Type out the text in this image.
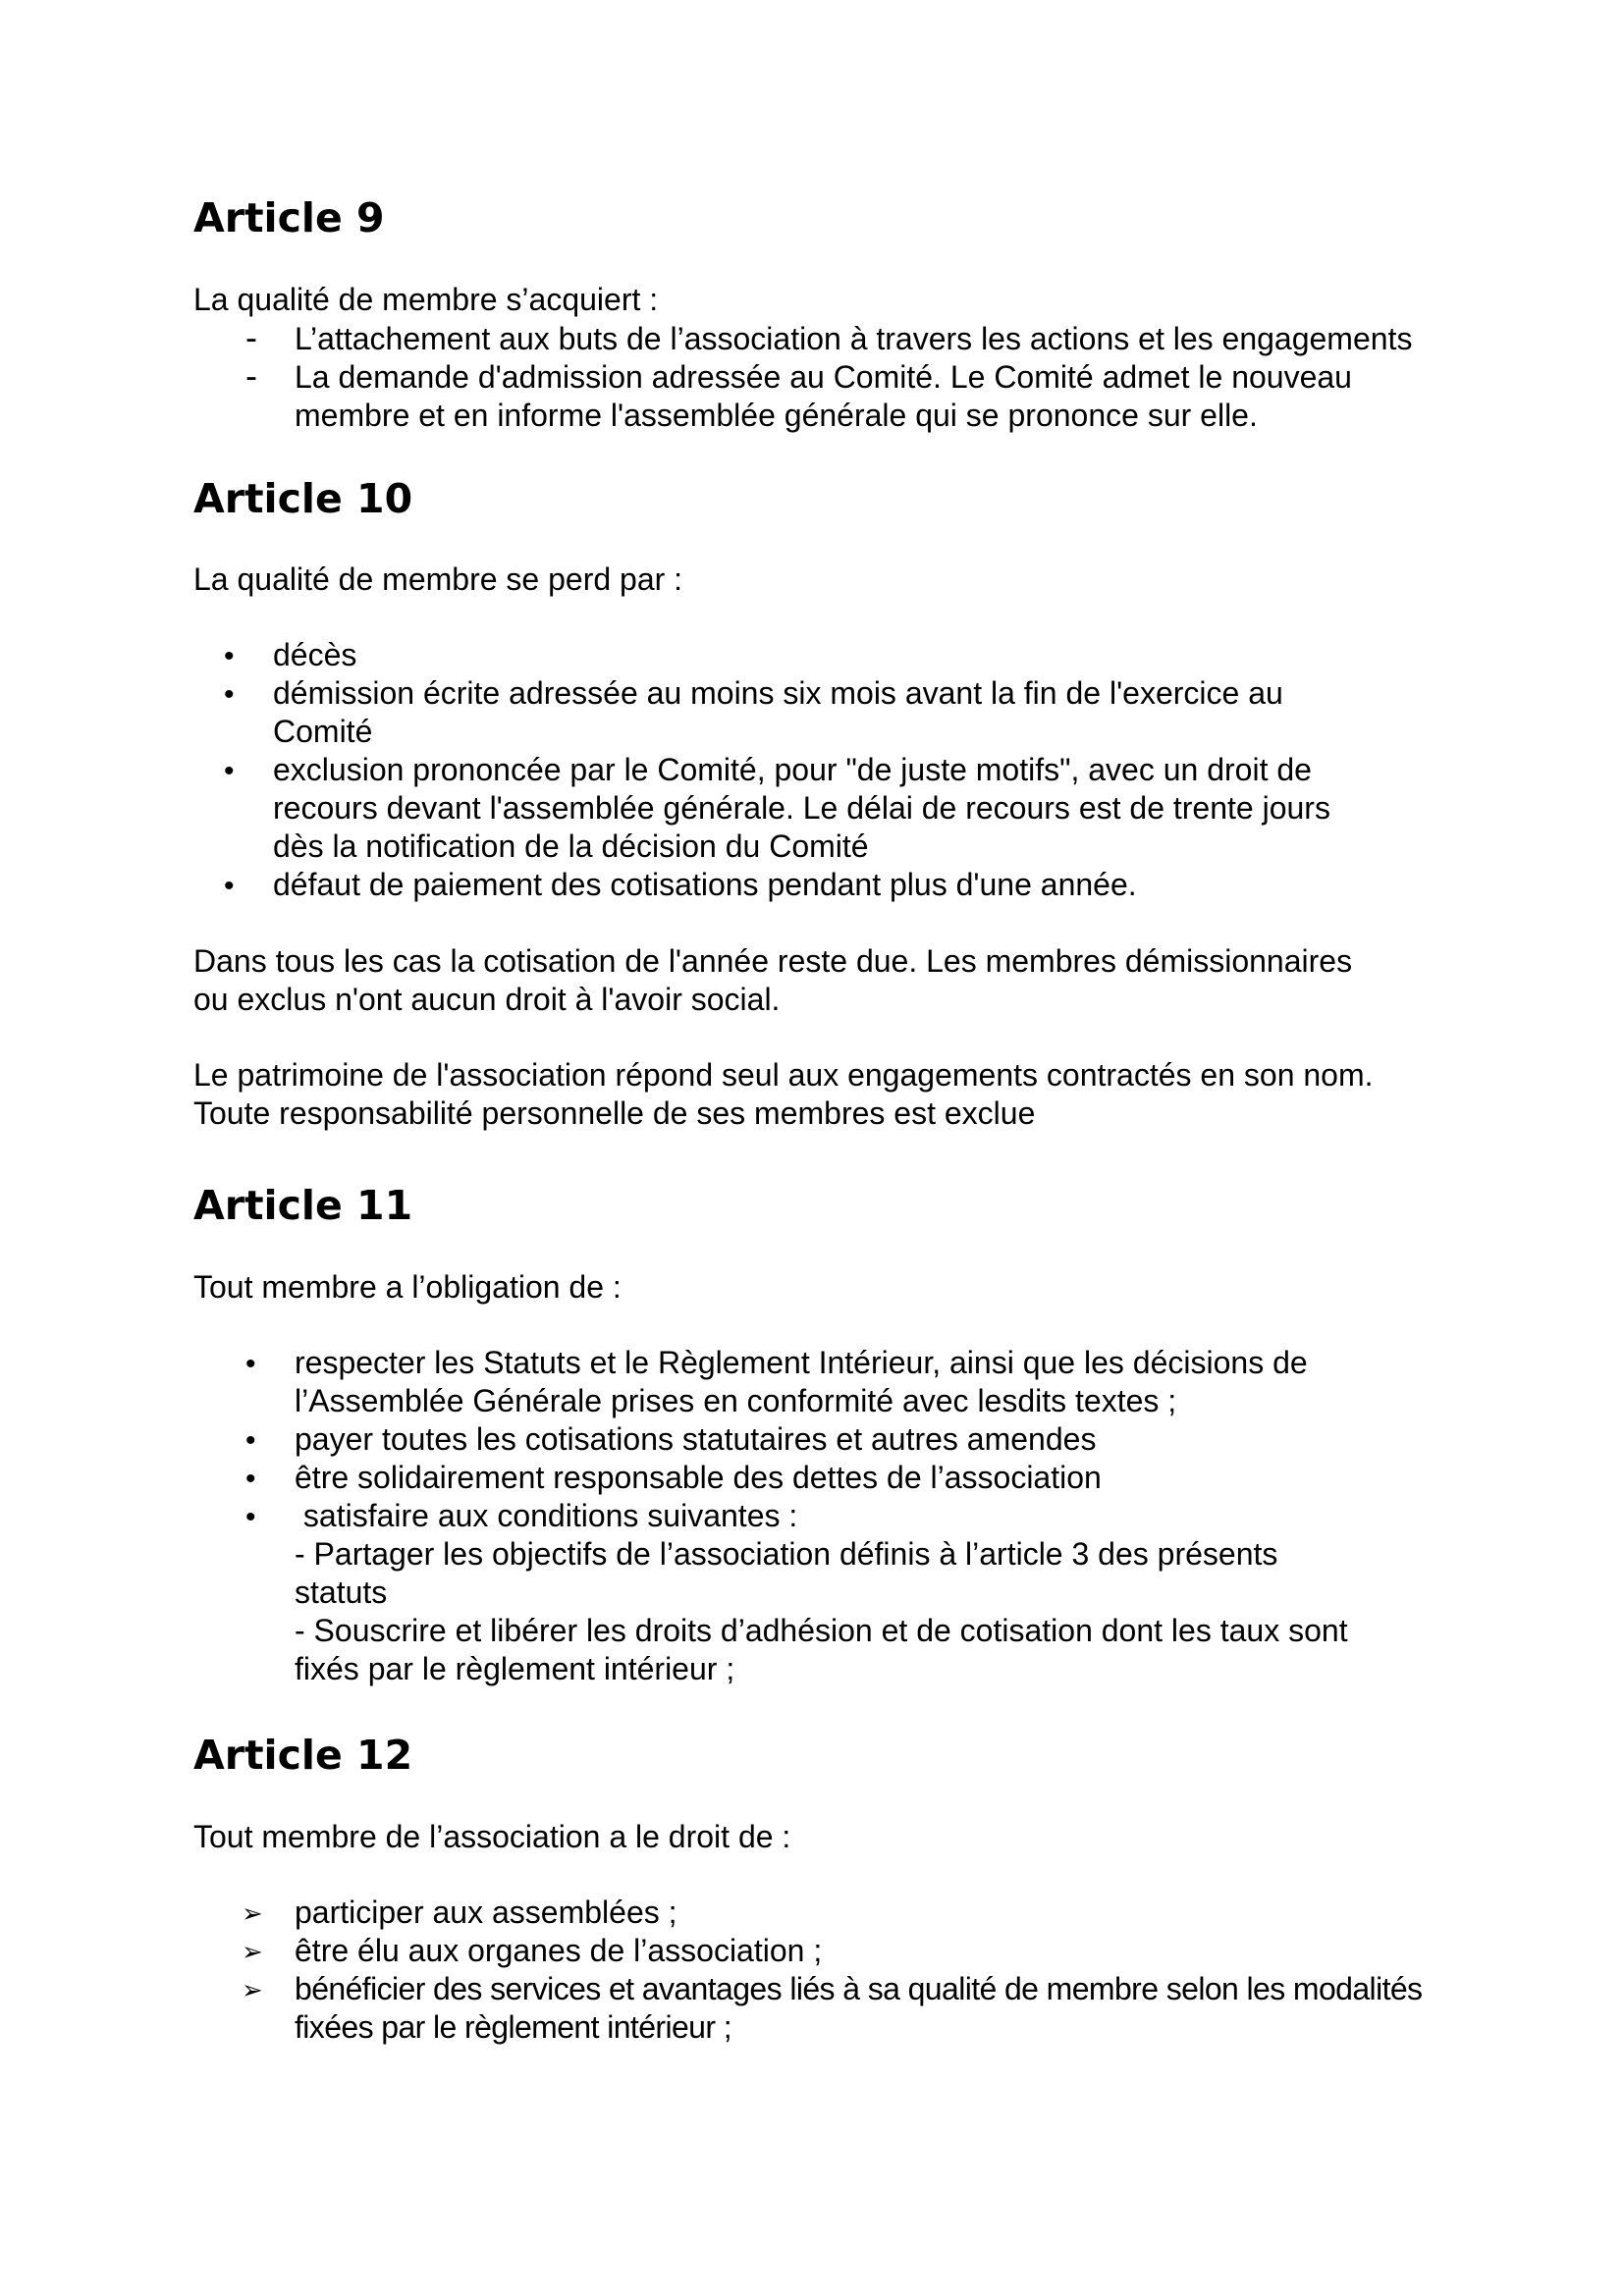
Article 9

La qualité de membre s’acquiert :

- L’attachement aux buts de l’association à travers les actions et les engagements
- La demande d'admission adressée au Comité. Le Comité admet le nouveau
membre et en informe l'assemblée générale qui se prononce sur elle.
Article 10

La qualité de membre se perd par :

• décès
• démission écrite adressée au moins six mois avant la fin de l'exercice au
Comité
• exclusion prononcée par le Comité, pour "de juste motifs", avec un droit de
recours devant l'assemblée générale. Le délai de recours est de trente jours
dès la notification de la décision du Comité
• défaut de paiement des cotisations pendant plus d'une année.

Dans tous les cas la cotisation de l'année reste due. Les membres démissionnaires
ou exclus n'ont aucun droit à l'avoir social.

Le patrimoine de l'association répond seul aux engagements contractés en son nom.
Toute responsabilité personnelle de ses membres est exclue

Article 11

Tout membre a l’obligation de :

• respecter les Statuts et le Règlement Intérieur, ainsi que les décisions de
l’Assemblée Générale prises en conformité avec lesdits textes ;
• payer toutes les cotisations statutaires et autres amendes
• être solidairement responsable des dettes de l’association
• satisfaire aux conditions suivantes :
- Partager les objectifs de l’association définis à l’article 3 des présents
statuts
- Souscrire et libérer les droits d’adhésion et de cotisation dont les taux sont
fixés par le règlement intérieur ;
Article 12

Tout membre de l’association a le droit de :

➢ participer aux assemblées ;
➢ être élu aux organes de l’association ;
➢ bénéficier des services et avantages liés à sa qualité de membre selon les modalités
fixées par le règlement intérieur ;
